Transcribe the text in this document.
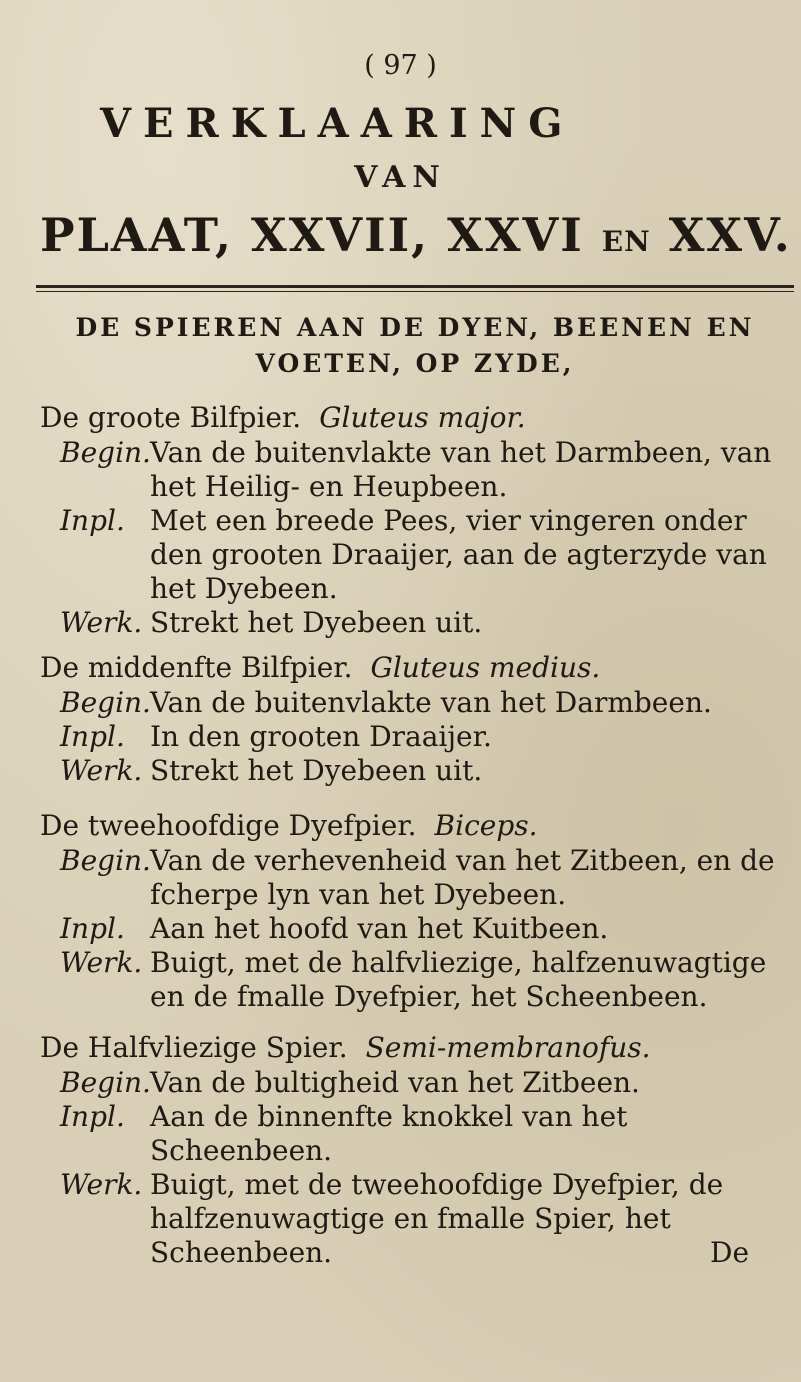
( 97 )
VERKLAARING
VAN
PLAAT, XXVII, XXVI EN XXV.
DE SPIEREN AAN DE DYEN, BEENEN EN
VOETEN, OP ZYDE,
De groote Bilfpier. Gluteus major.
Begin. Van de buitenvlakte van het Darmbeen, van het Heilig- en Heupbeen.
Inpl. Met een breede Pees, vier vingeren onder den grooten Draaijer, aan de agterzyde van het Dyebeen.
Werk. Strekt het Dyebeen uit.
De middenfte Bilfpier. Gluteus medius.
Begin. Van de buitenvlakte van het Darmbeen.
Inpl. In den grooten Draaijer.
Werk. Strekt het Dyebeen uit.
De tweehoofdige Dyefpier. Biceps.
Begin. Van de verhevenheid van het Zitbeen, en de fcherpe lyn van het Dyebeen.
Inpl. Aan het hoofd van het Kuitbeen.
Werk. Buigt, met de halfvliezige, halfzenuwagtige en de fmalle Dyefpier, het Scheenbeen.
De Halfvliezige Spier. Semi-membranofus.
Begin. Van de bultigheid van het Zitbeen.
Inpl. Aan de binnenfte knokkel van het Scheenbeen.
Werk. Buigt, met de tweehoofdige Dyefpier, de halfzenuwagtige en fmalle Spier, het Scheenbeen.	De
